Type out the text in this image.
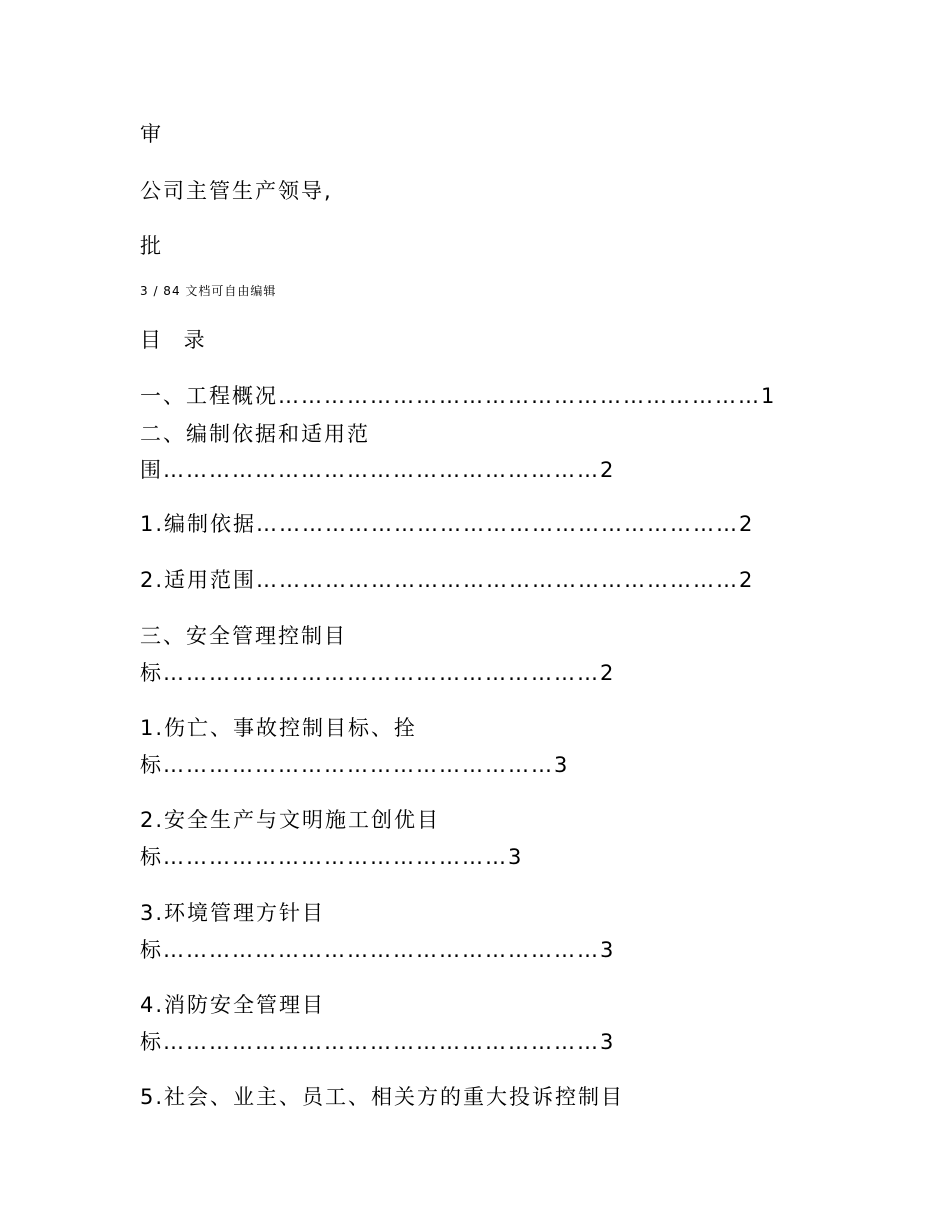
审
公司主管生产领导,
批
3 / 84 文档可自由编辑
目 录
一、工程概况………………………………………………………1
二、编制依据和适用范
围…………………………………………………2
1.编制依据………………………………………………………2
2.适用范围………………………………………………………2
三、安全管理控制目
标…………………………………………………2
1.伤亡、事故控制目标、拴
标……………………………………………3
2.安全生产与文明施工创优目
标………………………………………3
3.环境管理方针目
标…………………………………………………3
4.消防安全管理目
标…………………………………………………3
5.社会、业主、员工、相关方的重大投诉控制目
